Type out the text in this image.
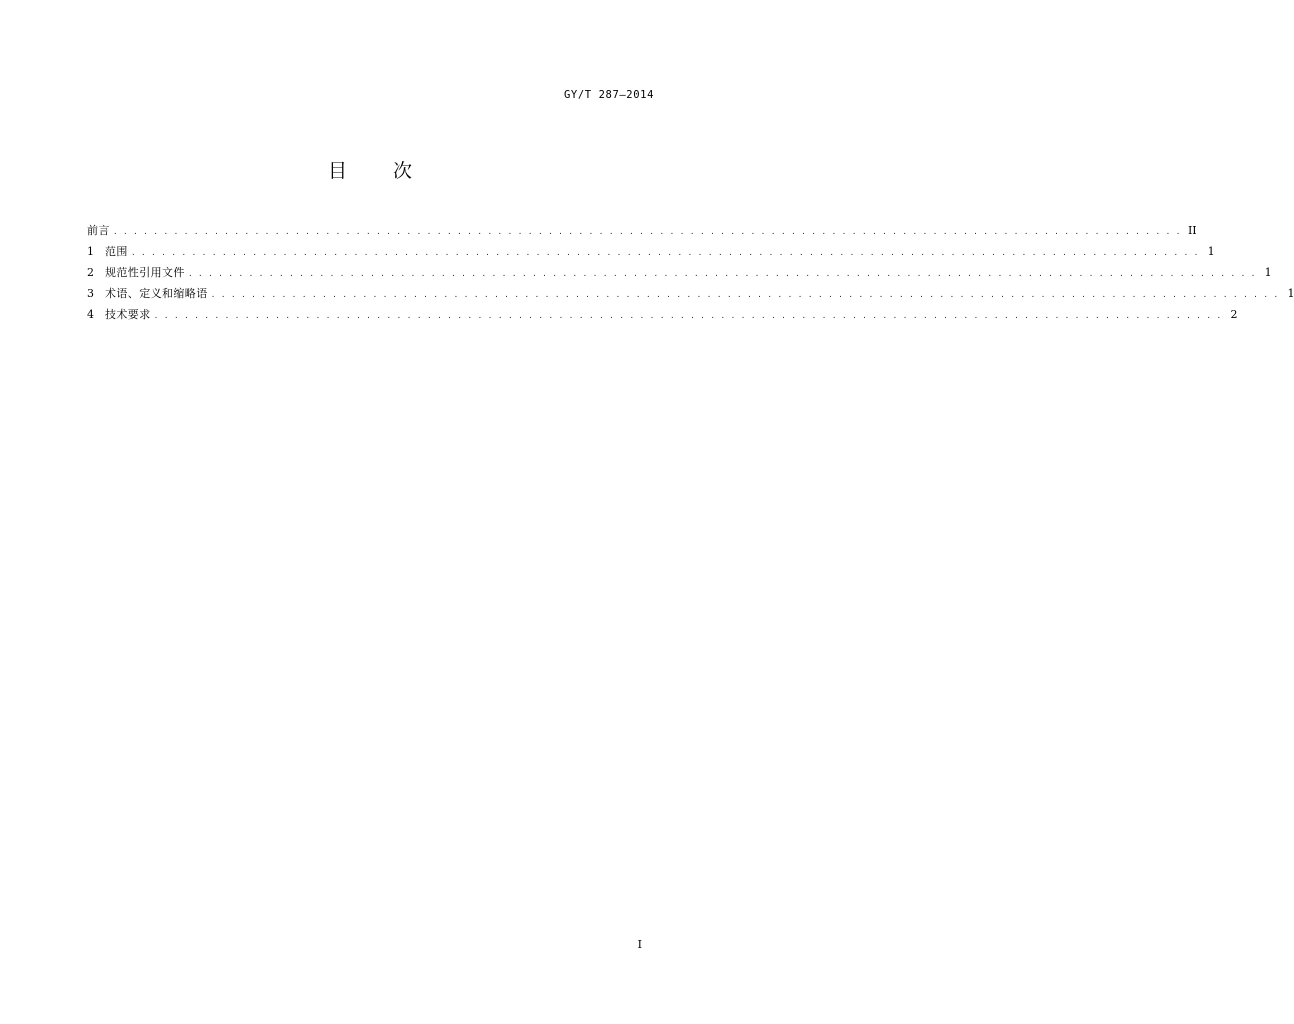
GY/T 287—2014
目 次
前言 . . . . . . . . . . . . . . . . . . . . . . . . . . . . . . . . . . . . . . . . . . . . . . . . . . . . . . . . . . . . . . . . . . . . . . . . . . . . . . . . . . . . . . . . . . . . . . . . . . . . . . . . . . II
1	范围 . . . . . . . . . . . . . . . . . . . . . . . . . . . . . . . . . . . . . . . . . . . . . . . . . . . . . . . . . . . . . . . . . . . . . . . . . . . . . . . . . . . . . . . . . . . . . . . . . . . . . . . . . . 1
2	规范性引用文件 . . . . . . . . . . . . . . . . . . . . . . . . . . . . . . . . . . . . . . . . . . . . . . . . . . . . . . . . . . . . . . . . . . . . . . . . . . . . . . . . . . . . . . . . . . . . . . . . . . . . . . . . . . 1
3	术语、定义和缩略语 . . . . . . . . . . . . . . . . . . . . . . . . . . . . . . . . . . . . . . . . . . . . . . . . . . . . . . . . . . . . . . . . . . . . . . . . . . . . . . . . . . . . . . . . . . . . . . . . . . . . . . . . . . 1
4	技术要求 . . . . . . . . . . . . . . . . . . . . . . . . . . . . . . . . . . . . . . . . . . . . . . . . . . . . . . . . . . . . . . . . . . . . . . . . . . . . . . . . . . . . . . . . . . . . . . . . . . . . . . . . . . 2
I
